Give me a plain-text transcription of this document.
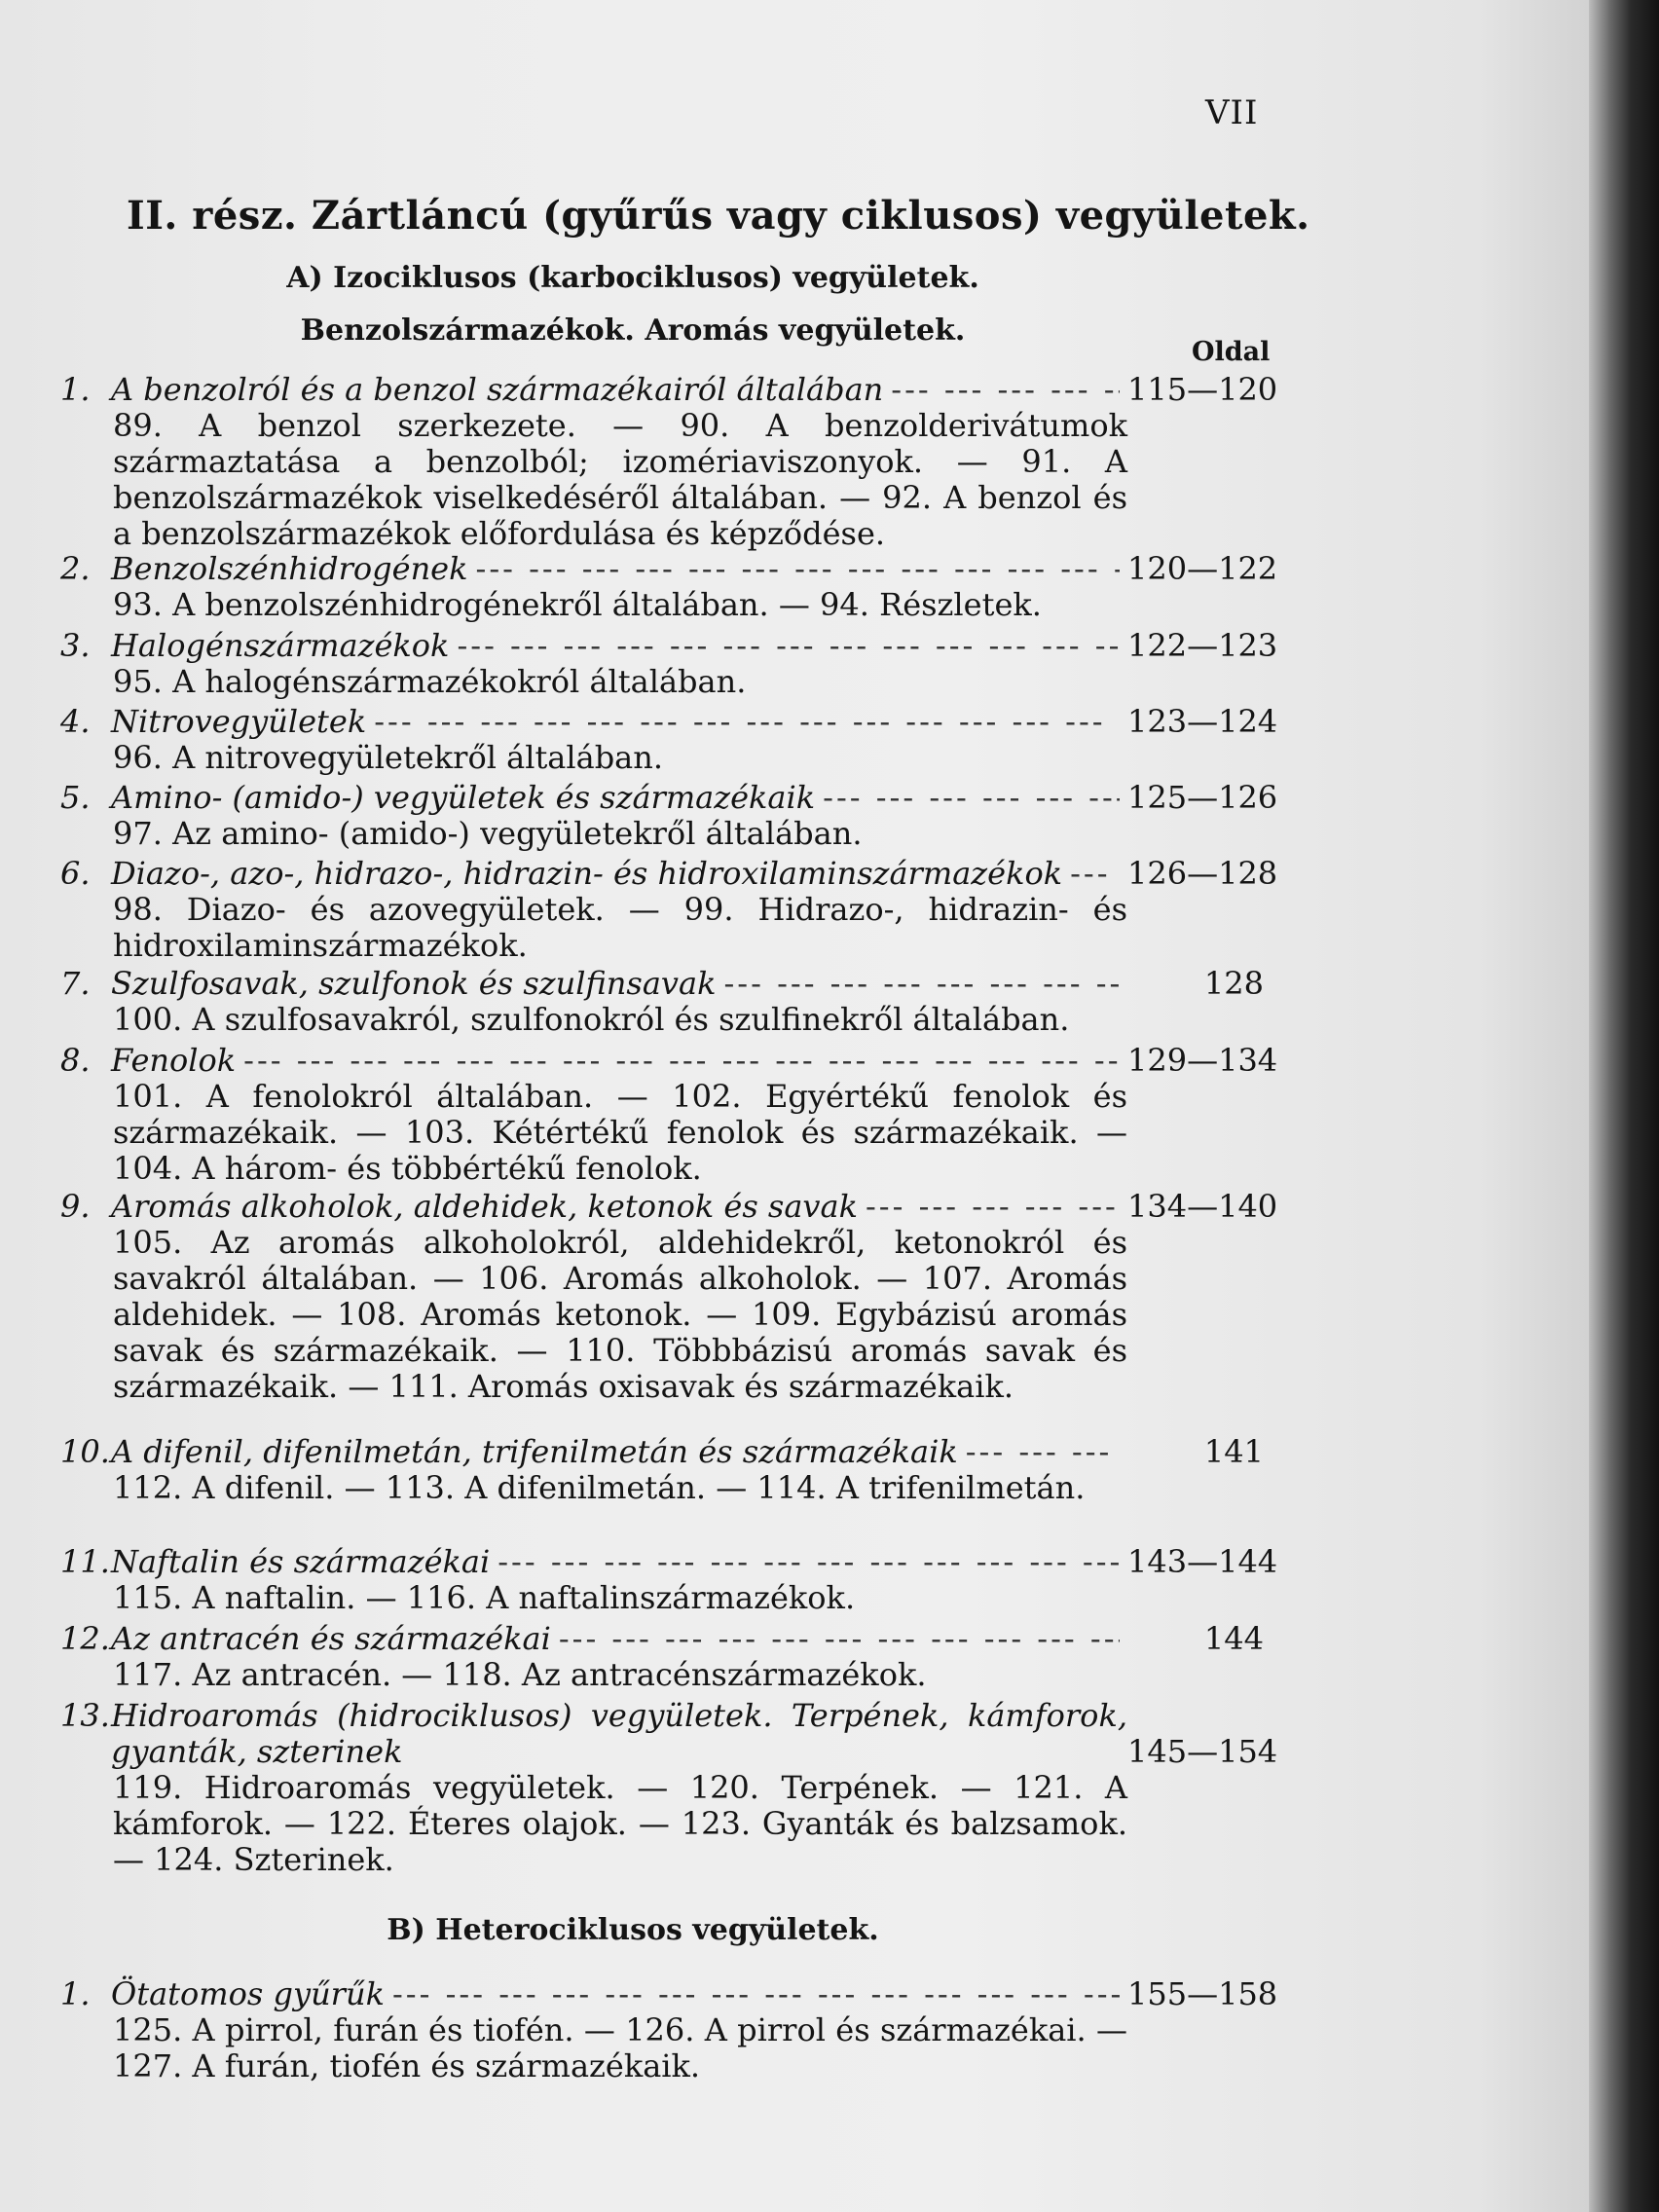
VII
II. rész. Zártláncú (gyűrűs vagy ciklusos) vegyületek.
A) Izociklusos (karbociklusos) vegyületek.
Benzolszármazékok. Aromás vegyületek.
Oldal
1. A benzolról és a benzol származékairól általában --- -	115—120
89. A benzol szerkezete. — 90. A benzolderivátumok származtatása a benzolból; izomériaviszonyok. — 91. A benzolszármazékok viselkedéséről általában. — 92. A benzol és a benzolszármazékok előfordulása és képződése.
2. Benzolszénhidrogének --- -	120—122
93. A benzolszénhidrogénekről általában. — 94. Részletek.
3. Halogénszármazékok --- -	122—123
95. A halogénszármazékokról általában.
4. Nitrovegyületek --- -	123—124
96. A nitrovegyületekről általában.
5. Amino- (amido-) vegyületek és származékaik --- -	125—126
97. Az amino- (amido-) vegyületekről általában.
6. Diazo-, azo-, hidrazo-, hidrazin- és hidroxilaminszármazékok --- - 126—128
98. Diazo- és azovegyületek. — 99. Hidrazo-, hidrazin- és hidroxilaminszármazékok.
7. Szulfosavak, szulfonok és szulfinsavak --- -	128
100. A szulfosavakról, szulfonokról és szulfinekről általában.
8. Fenolok --- -	129—134
101. A fenolokról általában. — 102. Egyértékű fenolok és származékaik. — 103. Kétértékű fenolok és származékaik. — 104. A három- és többértékű fenolok.
9. Aromás alkoholok, aldehidek, ketonok és savak --- -	134—140
105. Az aromás alkoholokról, aldehidekről, ketonokról és savakról általában. — 106. Aromás alkoholok. — 107. Aromás aldehidek. — 108. Aromás ketonok. — 109. Egybázisú aromás savak és származékaik. — 110. Többbázisú aromás savak és származékaik. — 111. Aromás oxisavak és származékaik.
10. A difenil, difenilmetán, trifenilmetán és származékaik --- -	141
112. A difenil. — 113. A difenilmetán. — 114. A trifenilmetán.
11. Naftalin és származékai --- -	143—144
115. A naftalin. — 116. A naftalinszármazékok.
12. Az antracén és származékai --- -	144
117. Az antracén. — 118. Az antracénszármazékok.
13. Hidroaromás (hidrociklusos) vegyületek. Terpének, kámforok, gyanták, szterinek	145—154
119. Hidroaromás vegyületek. — 120. Terpének. — 121. A kámforok. — 122. Éteres olajok. — 123. Gyanták és balzsamok. — 124. Szterinek.
B) Heterociklusos vegyületek.
1. Ötatomos gyűrűk --- -	155—158
125. A pirrol, furán és tiofén. — 126. A pirrol és származékai. — 127. A furán, tiofén és származékaik.
